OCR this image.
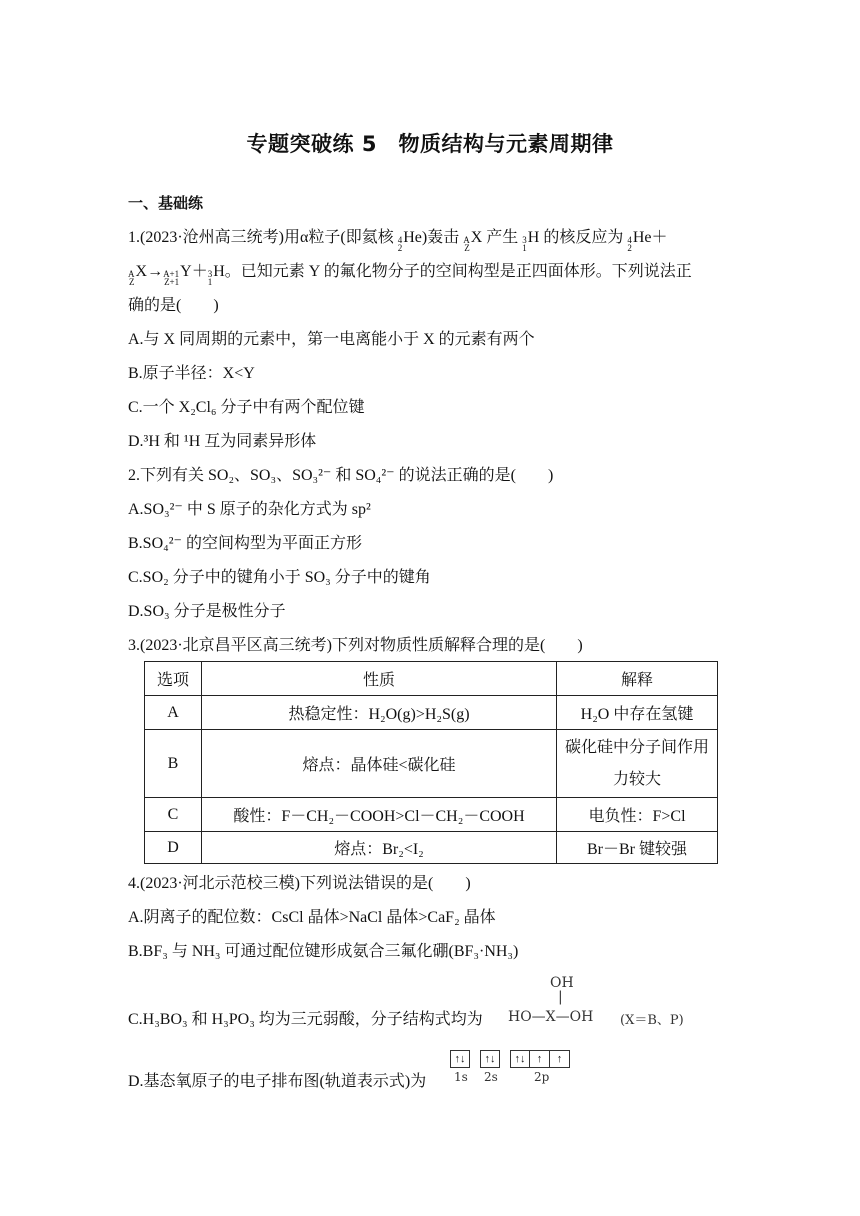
专题突破练 5　物质结构与元素周期律
一、基础练
1.(2023·沧州高三统考)用α粒子(即氦核 4
2
He)轰击 A
Z
X 产生 3
1
H 的核反应为 4
2
He＋
A
Z
X→ A+1
Z+1
Y＋ 3
1
H。已知元素 Y 的氟化物分子的空间构型是正四面体形。下列说法正
确的是(　　)
A.与 X 同周期的元素中，第一电离能小于 X 的元素有两个
B.原子半径：X<Y
C.一个 X₂Cl₆ 分子中有两个配位键
D.³H 和 ¹H 互为同素异形体
2.下列有关 SO₂、SO₃、SO₃²⁻ 和 SO₄²⁻ 的说法正确的是(　　)
A.SO₃²⁻ 中 S 原子的杂化方式为 sp²
B.SO₄²⁻ 的空间构型为平面正方形
C.SO₂ 分子中的键角小于 SO₃ 分子中的键角
D.SO₃ 分子是极性分子
3.(2023·北京昌平区高三统考)下列对物质性质解释合理的是(　　)
选项	性质	解释
A	热稳定性：H₂O(g)>H₂S(g)	H₂O 中存在氢键
B	熔点：晶体硅<碳化硅	碳化硅中分子间作用力较大
C	酸性：F－CH₂－COOH>Cl－CH₂－COOH	电负性：F>Cl
D	熔点：Br₂<I₂	Br－Br 键较强
4.(2023·河北示范校三模)下列说法错误的是(　　)
A.阴离子的配位数：CsCl 晶体>NaCl 晶体>CaF₂ 晶体
B.BF₃ 与 NH₃ 可通过配位键形成氨合三氟化硼(BF₃·NH₃)
C.H₃BO₃ 和 H₃PO₃ 均为三元弱酸，分子结构式均为
OH
|
HO—X—OH (X＝B、P)
D.基态氧原子的电子排布图(轨道表示式)为
↑↓	↑↓	↑↓	↑	↑
1s 2s	2p
